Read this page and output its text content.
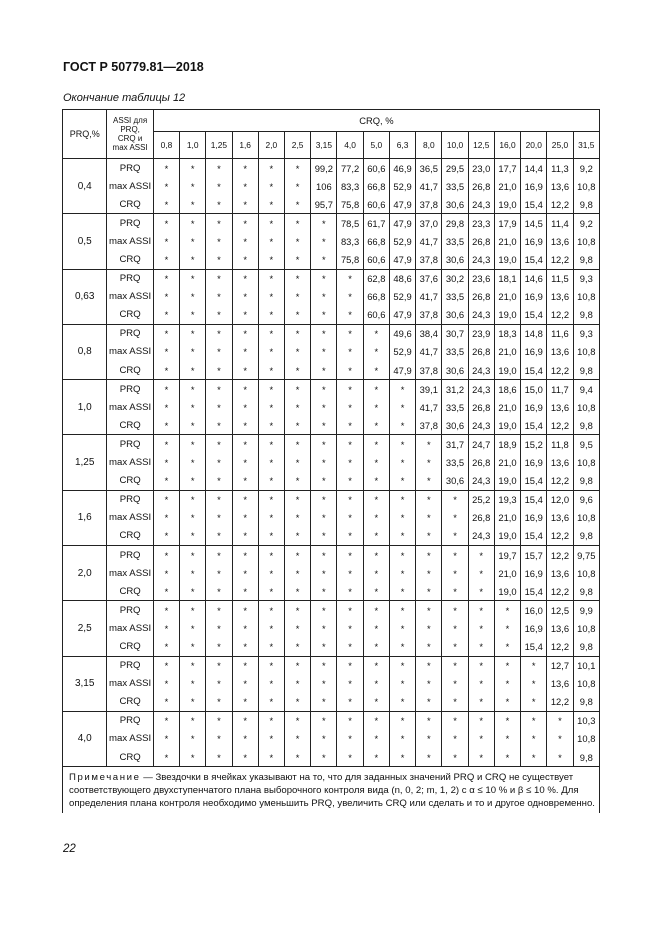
ГОСТ Р 50779.81—2018
Окончание таблицы 12
PRQ,%	ASSI для
PRQ,
CRQ и
max ASSI	CRQ, %																
		0,8	1,0	1,25	1,6	2,0	2,5	3,15	4,0	5,0	6,3	8,0	10,0	12,5	16,0	20,0	25,0	31,5
0,4	PRQ	*	*	*	*	*	*	99,2	77,2	60,6	46,9	36,5	29,5	23,0	17,7	14,4	11,3	9,2
	max ASSI	*	*	*	*	*	*	106	83,3	66,8	52,9	41,7	33,5	26,8	21,0	16,9	13,6	10,8
	CRQ	*	*	*	*	*	*	95,7	75,8	60,6	47,9	37,8	30,6	24,3	19,0	15,4	12,2	9,8
0,5	PRQ	*	*	*	*	*	*	*	78,5	61,7	47,9	37,0	29,8	23,3	17,9	14,5	11,4	9,2
	max ASSI	*	*	*	*	*	*	*	83,3	66,8	52,9	41,7	33,5	26,8	21,0	16,9	13,6	10,8
	CRQ	*	*	*	*	*	*	*	75,8	60,6	47,9	37,8	30,6	24,3	19,0	15,4	12,2	9,8
0,63	PRQ	*	*	*	*	*	*	*	*	62,8	48,6	37,6	30,2	23,6	18,1	14,6	11,5	9,3
	max ASSI	*	*	*	*	*	*	*	*	66,8	52,9	41,7	33,5	26,8	21,0	16,9	13,6	10,8
	CRQ	*	*	*	*	*	*	*	*	60,6	47,9	37,8	30,6	24,3	19,0	15,4	12,2	9,8
0,8	PRQ	*	*	*	*	*	*	*	*	*	49,6	38,4	30,7	23,9	18,3	14,8	11,6	9,3
	max ASSI	*	*	*	*	*	*	*	*	*	52,9	41,7	33,5	26,8	21,0	16,9	13,6	10,8
	CRQ	*	*	*	*	*	*	*	*	*	47,9	37,8	30,6	24,3	19,0	15,4	12,2	9,8
1,0	PRQ	*	*	*	*	*	*	*	*	*	*	39,1	31,2	24,3	18,6	15,0	11,7	9,4
	max ASSI	*	*	*	*	*	*	*	*	*	*	41,7	33,5	26,8	21,0	16,9	13,6	10,8
	CRQ	*	*	*	*	*	*	*	*	*	*	37,8	30,6	24,3	19,0	15,4	12,2	9,8
1,25	PRQ	*	*	*	*	*	*	*	*	*	*	*	31,7	24,7	18,9	15,2	11,8	9,5
	max ASSI	*	*	*	*	*	*	*	*	*	*	*	33,5	26,8	21,0	16,9	13,6	10,8
	CRQ	*	*	*	*	*	*	*	*	*	*	*	30,6	24,3	19,0	15,4	12,2	9,8
1,6	PRQ	*	*	*	*	*	*	*	*	*	*	*	*	25,2	19,3	15,4	12,0	9,6
	max ASSI	*	*	*	*	*	*	*	*	*	*	*	*	26,8	21,0	16,9	13,6	10,8
	CRQ	*	*	*	*	*	*	*	*	*	*	*	*	24,3	19,0	15,4	12,2	9,8
2,0	PRQ	*	*	*	*	*	*	*	*	*	*	*	*	*	19,7	15,7	12,2	9,75
	max ASSI	*	*	*	*	*	*	*	*	*	*	*	*	*	21,0	16,9	13,6	10,8
	CRQ	*	*	*	*	*	*	*	*	*	*	*	*	*	19,0	15,4	12,2	9,8
2,5	PRQ	*	*	*	*	*	*	*	*	*	*	*	*	*	*	16,0	12,5	9,9
	max ASSI	*	*	*	*	*	*	*	*	*	*	*	*	*	*	16,9	13,6	10,8
	CRQ	*	*	*	*	*	*	*	*	*	*	*	*	*	*	15,4	12,2	9,8
3,15	PRQ	*	*	*	*	*	*	*	*	*	*	*	*	*	*	*	12,7	10,1
	max ASSI	*	*	*	*	*	*	*	*	*	*	*	*	*	*	*	13,6	10,8
	CRQ	*	*	*	*	*	*	*	*	*	*	*	*	*	*	*	12,2	9,8
4,0	PRQ	*	*	*	*	*	*	*	*	*	*	*	*	*	*	*	*	10,3
	max ASSI	*	*	*	*	*	*	*	*	*	*	*	*	*	*	*	*	10,8
	CRQ	*	*	*	*	*	*	*	*	*	*	*	*	*	*	*	*	9,8
Примечание — Звездочки в ячейках указывают на то, что для заданных значений PRQ и CRQ не существует соответствующего двухступенчатого плана выборочного контроля вида (n, 0, 2; m, 1, 2) с α ≤ 10 % и β ≤ 10 %. Для определения плана контроля необходимо уменьшить PRQ, увеличить CRQ или сделать и то и другое одновременно.																		
22
